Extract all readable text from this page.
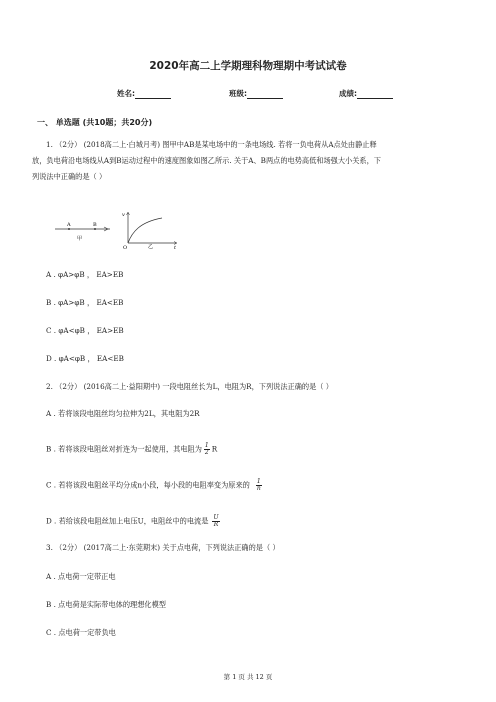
2020年高二上学期理科物理期中考试试卷
姓名:	班级:	成绩:
一、 单选题 (共10题；共20分)
1. （2分） (2018高二上·白城月考) 图甲中AB是某电场中的一条电场线. 若将一负电荷从A点处由静止释
放，负电荷沿电场线从A到B运动过程中的速度图象如图乙所示. 关于A、B两点的电势高低和场强大小关系，下
列说法中正确的是（ ）
A	B
甲
v
O	t
乙
A . φA>φB ， EA>EB
B . φA>φB ， EA<EB
C . φA<φB ， EA>EB
D . φA<φB ， EA<EB
2. （2分） (2016高二上·益阳期中) 一段电阻丝长为L，电阻为R，下列说法正确的是（ ）
A . 若将该段电阻丝均匀拉伸为2L，其电阻为2R
B . 若将该段电阻丝对折连为一起使用，其电阻为 $\frac{1}{2}$ R
C . 若将该段电阻丝平均分成n小段，每小段的电阻率变为原来的 $\frac{1}{n}$
D . 若给该段电阻丝加上电压U，电阻丝中的电流是 $\frac{U}{R}$
3. （2分） (2017高二上·东莞期末) 关于点电荷，下列说法正确的是（ ）
A . 点电荷一定带正电
B . 点电荷是实际带电体的理想化模型
C . 点电荷一定带负电
第 1 页 共 12 页
